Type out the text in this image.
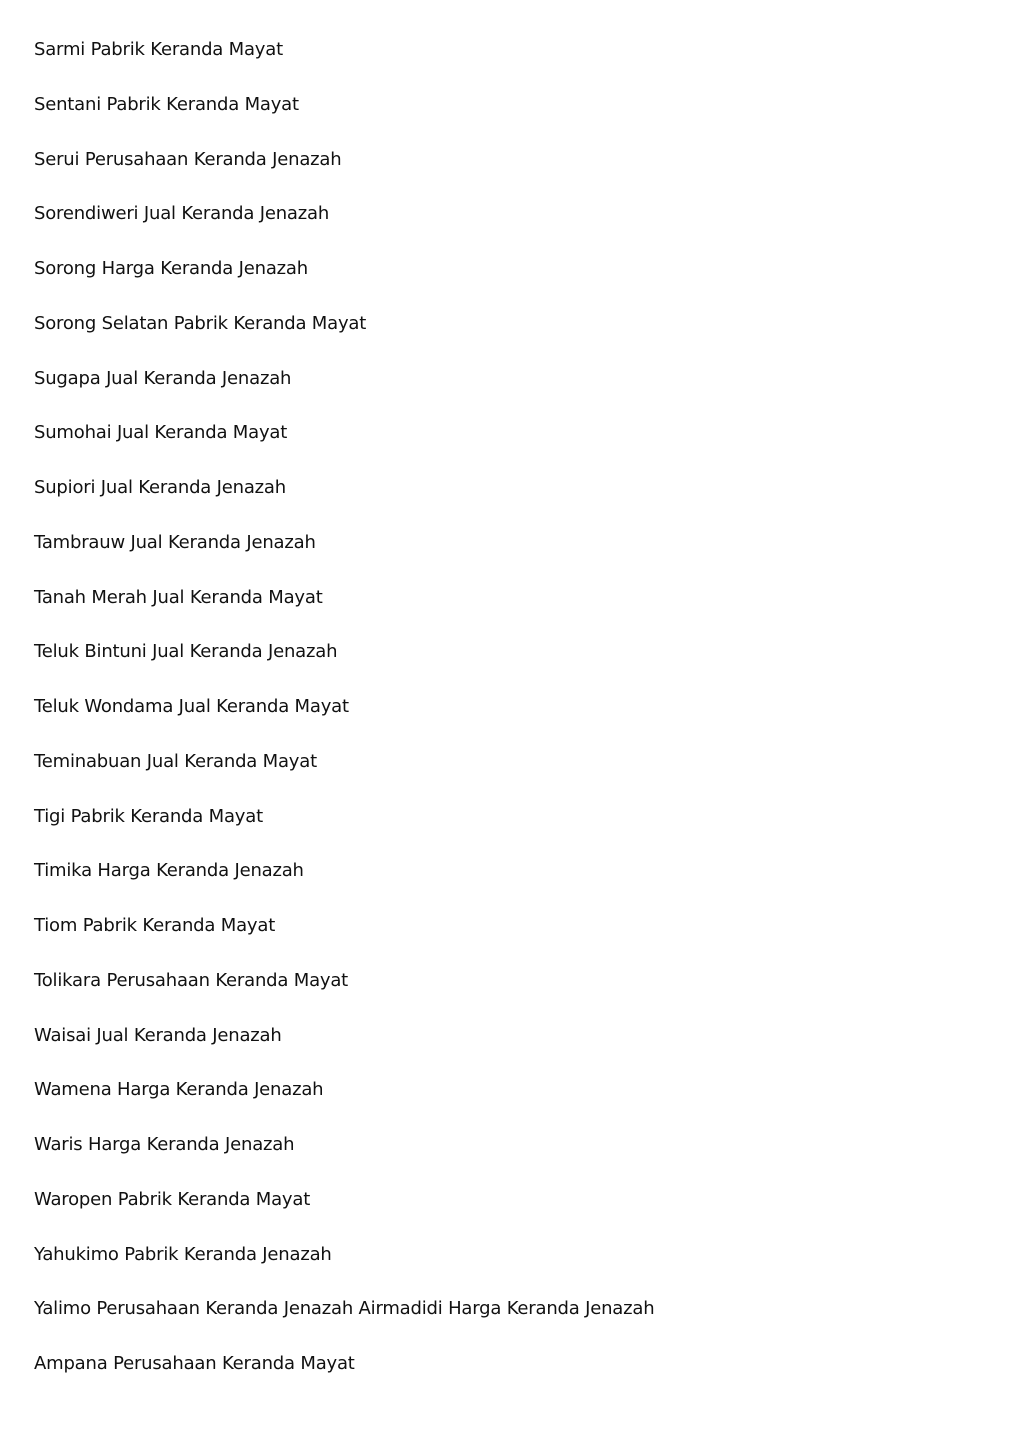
Sarmi Pabrik Keranda Mayat
Sentani Pabrik Keranda Mayat
Serui Perusahaan Keranda Jenazah
Sorendiweri Jual Keranda Jenazah
Sorong Harga Keranda Jenazah
Sorong Selatan Pabrik Keranda Mayat
Sugapa Jual Keranda Jenazah
Sumohai Jual Keranda Mayat
Supiori Jual Keranda Jenazah
Tambrauw Jual Keranda Jenazah
Tanah Merah Jual Keranda Mayat
Teluk Bintuni Jual Keranda Jenazah
Teluk Wondama Jual Keranda Mayat
Teminabuan Jual Keranda Mayat
Tigi Pabrik Keranda Mayat
Timika Harga Keranda Jenazah
Tiom Pabrik Keranda Mayat
Tolikara Perusahaan Keranda Mayat
Waisai Jual Keranda Jenazah
Wamena Harga Keranda Jenazah
Waris Harga Keranda Jenazah
Waropen Pabrik Keranda Mayat
Yahukimo Pabrik Keranda Jenazah
Yalimo Perusahaan Keranda Jenazah Airmadidi Harga Keranda Jenazah
Ampana Perusahaan Keranda Mayat
